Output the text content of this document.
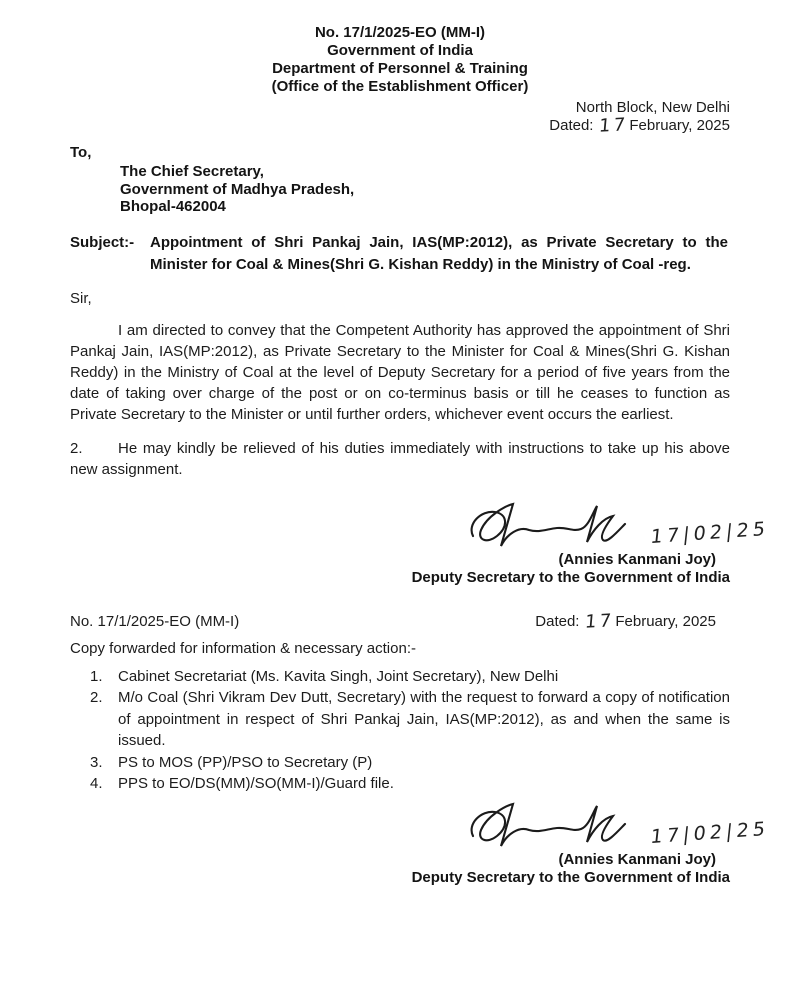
No. 17/1/2025-EO (MM-I)
Government of India
Department of Personnel & Training
(Office of the Establishment Officer)
North Block, New Delhi
Dated: 17February, 2025
To,
The Chief Secretary,
Government of Madhya Pradesh,
Bhopal-462004
Subject:-	Appointment of Shri Pankaj Jain, IAS(MP:2012), as Private Secretary to the Minister for Coal & Mines(Shri G. Kishan Reddy) in the Ministry of Coal -reg.
Sir,
I am directed to convey that the Competent Authority has approved the appointment of Shri Pankaj Jain, IAS(MP:2012), as Private Secretary to the Minister for Coal & Mines(Shri G. Kishan Reddy) in the Ministry of Coal at the level of Deputy Secretary for a period of five years from the date of taking over charge of the post or on co-terminus basis or till he ceases to function as Private Secretary to the Minister or until further orders, whichever event occurs the earliest.
2. He may kindly be relieved of his duties immediately with instructions to take up his above new assignment.
17|02|25
(Annies Kanmani Joy)
Deputy Secretary to the Government of India
No. 17/1/2025-EO (MM-I)	Dated: 17February, 2025
Copy forwarded for information & necessary action:-
1.	Cabinet Secretariat (Ms. Kavita Singh, Joint Secretary), New Delhi
2.	M/o Coal (Shri Vikram Dev Dutt, Secretary) with the request to forward a copy of notification of appointment in respect of Shri Pankaj Jain, IAS(MP:2012), as and when the same is issued.
3.	PS to MOS (PP)/PSO to Secretary (P)
4.	PPS to EO/DS(MM)/SO(MM-I)/Guard file.
17|02|25
(Annies Kanmani Joy)
Deputy Secretary to the Government of India
